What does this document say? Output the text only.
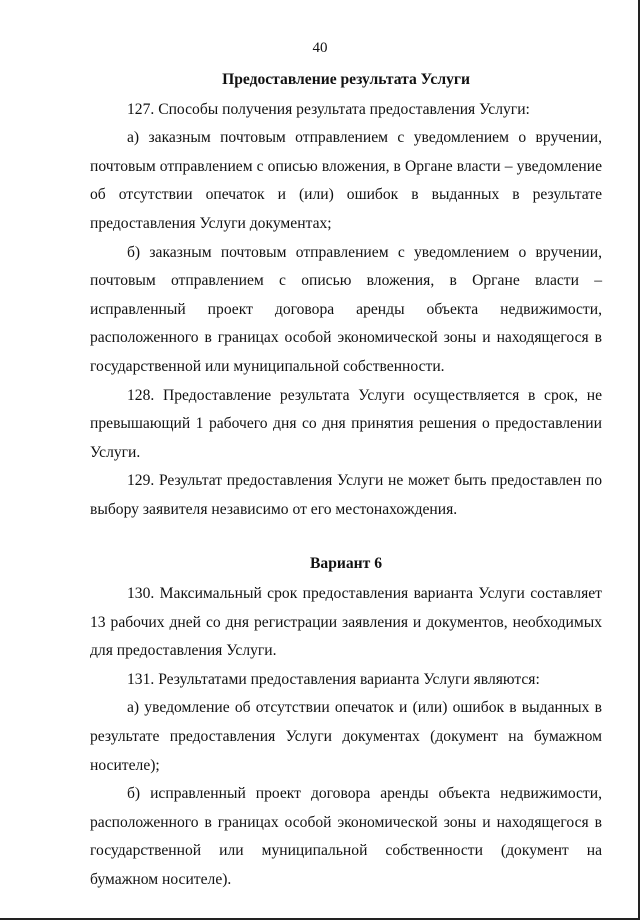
40

Предоставление результата Услуги

127. Способы получения результата предоставления Услуги:

а) заказным почтовым отправлением с уведомлением о вручении, почтовым отправлением с описью вложения, в Органе власти – уведомление об отсутствии опечаток и (или) ошибок в выданных в результате предоставления Услуги документах;

б) заказным почтовым отправлением с уведомлением о вручении, почтовым отправлением с описью вложения, в Органе власти – исправленный проект договора аренды объекта недвижимости, расположенного в границах особой экономической зоны и находящегося в государственной или муниципальной собственности.

128. Предоставление результата Услуги осуществляется в срок, не превышающий 1 рабочего дня со дня принятия решения о предоставлении Услуги.

129. Результат предоставления Услуги не может быть предоставлен по выбору заявителя независимо от его местонахождения.

Вариант 6

130. Максимальный срок предоставления варианта Услуги составляет 13 рабочих дней со дня регистрации заявления и документов, необходимых для предоставления Услуги.

131. Результатами предоставления варианта Услуги являются:

а) уведомление об отсутствии опечаток и (или) ошибок в выданных в результате предоставления Услуги документах (документ на бумажном носителе);

б) исправленный проект договора аренды объекта недвижимости, расположенного в границах особой экономической зоны и находящегося в государственной или муниципальной собственности (документ на бумажном носителе).
